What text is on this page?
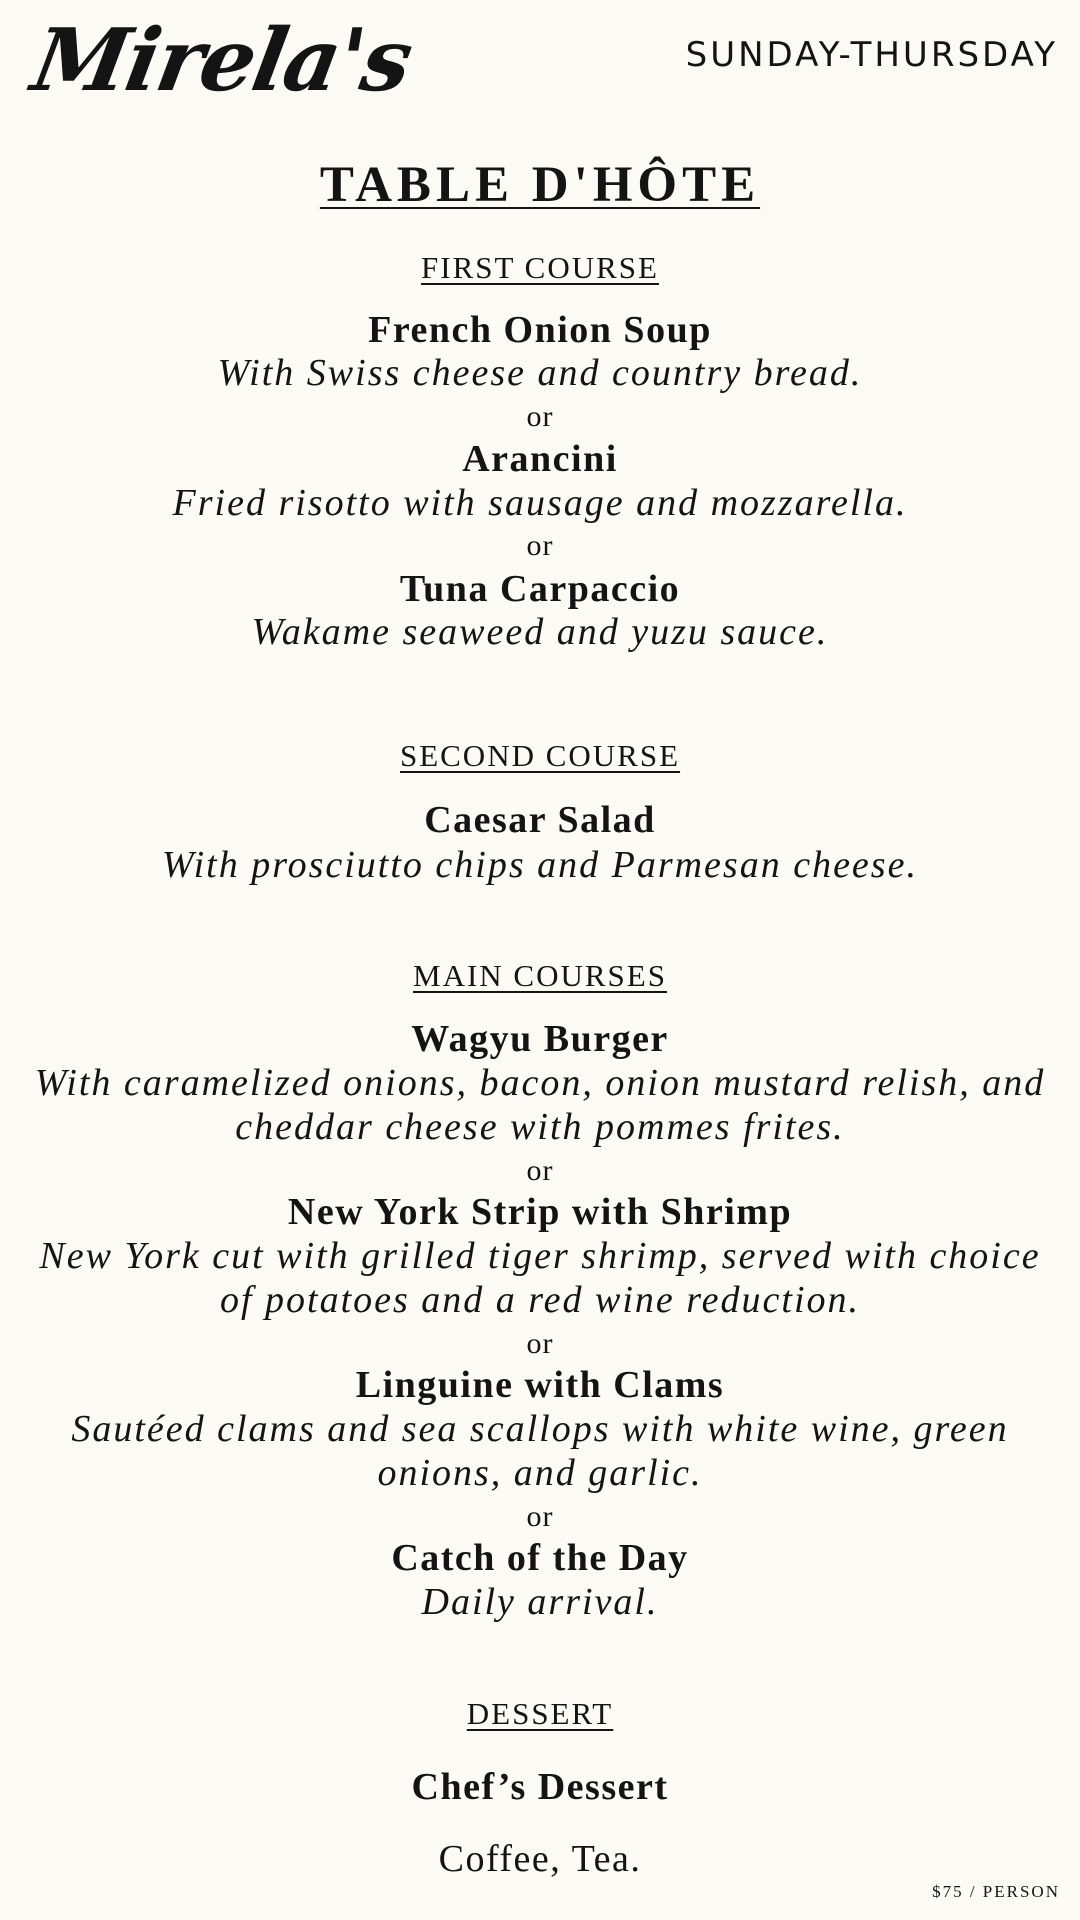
Mirela's	SUNDAY-THURSDAY
TABLE D'HÔTE
FIRST COURSE
French Onion Soup
With Swiss cheese and country bread.
or
Arancini
Fried risotto with sausage and mozzarella.
or
Tuna Carpaccio
Wakame seaweed and yuzu sauce.
SECOND COURSE
Caesar Salad
With prosciutto chips and Parmesan cheese.
MAIN COURSES
Wagyu Burger
With caramelized onions, bacon, onion mustard relish, and
cheddar cheese with pommes frites.
or
New York Strip with Shrimp
New York cut with grilled tiger shrimp, served with choice
of potatoes and a red wine reduction.
or
Linguine with Clams
Sautéed clams and sea scallops with white wine, green
onions, and garlic.
or
Catch of the Day
Daily arrival.
DESSERT
Chef’s Dessert
Coffee, Tea.
$75 / PERSON
